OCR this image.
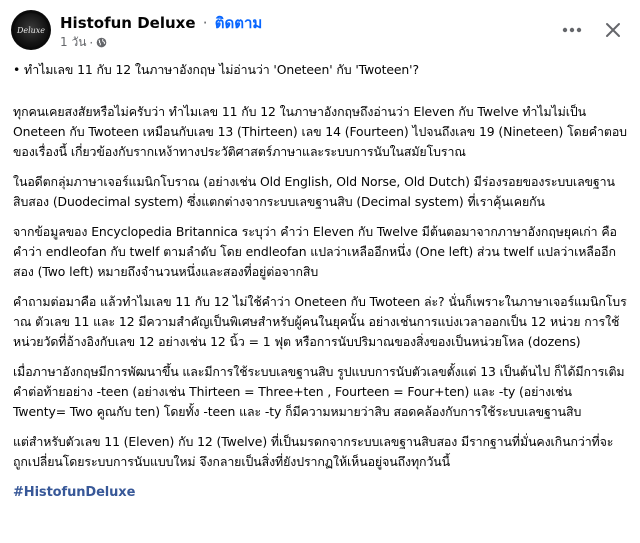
Deluxe Histofun Deluxe · ติดตาม
1 วัน ·

• ทำไมเลข 11 กับ 12 ในภาษาอังกฤษ ไม่อ่านว่า 'Oneteen' กับ 'Twoteen'?

ทุกคนเคยสงสัยหรือไม่ครับว่า ทำไมเลข 11 กับ 12 ในภาษาอังกฤษถึงอ่านว่า Eleven กับ Twelve ทำไมไม่เป็น Oneteen กับ Twoteen เหมือนกับเลข 13 (Thirteen) เลข 14 (Fourteen) ไปจนถึงเลข 19 (Nineteen) โดยคำตอบของเรื่องนี้ เกี่ยวข้องกับรากเหง้าทางประวัติศาสตร์ภาษาและระบบการนับในสมัยโบราณ

ในอดีตกลุ่มภาษาเจอร์แมนิกโบราณ (อย่างเช่น Old English, Old Norse, Old Dutch) มีร่องรอยของระบบเลขฐานสิบสอง (Duodecimal system) ซึ่งแตกต่างจากระบบเลขฐานสิบ (Decimal system) ที่เราคุ้นเคยกัน

จากข้อมูลของ Encyclopedia Britannica ระบุว่า คำว่า Eleven กับ Twelve มีต้นตอมาจากภาษาอังกฤษยุคเก่า คือคำว่า endleofan กับ twelf ตามลำดับ โดย endleofan แปลว่าเหลืออีกหนึ่ง (One left) ส่วน twelf แปลว่าเหลืออีกสอง (Two left) หมายถึงจำนวนหนึ่งและสองที่อยู่ต่อจากสิบ

คำถามต่อมาคือ แล้วทำไมเลข 11 กับ 12 ไม่ใช้คำว่า Oneteen กับ Twoteen ล่ะ? นั่นก็เพราะในภาษาเจอร์แมนิกโบราณ ตัวเลข 11 และ 12 มีความสำคัญเป็นพิเศษสำหรับผู้คนในยุคนั้น อย่างเช่นการแบ่งเวลาออกเป็น 12 หน่วย การใช้หน่วยวัดที่อ้างอิงกับเลข 12 อย่างเช่น 12 นิ้ว = 1 ฟุต หรือการนับปริมาณของสิ่งของเป็นหน่วยโหล (dozens)

เมื่อภาษาอังกฤษมีการพัฒนาขึ้น และมีการใช้ระบบเลขฐานสิบ รูปแบบการนับตัวเลขตั้งแต่ 13 เป็นต้นไป ก็ได้มีการเติมคำต่อท้ายอย่าง -teen (อย่างเช่น Thirteen = Three+ten , Fourteen = Four+ten) และ -ty (อย่างเช่น Twenty= Two คูณกับ ten) โดยทั้ง -teen และ -ty ก็มีความหมายว่าสิบ สอดคล้องกับการใช้ระบบเลขฐานสิบ

แต่สำหรับตัวเลข 11 (Eleven) กับ 12 (Twelve) ที่เป็นมรดกจากระบบเลขฐานสิบสอง มีรากฐานที่มั่นคงเกินกว่าที่จะถูกเปลี่ยนโดยระบบการนับแบบใหม่ จึงกลายเป็นสิ่งที่ยังปรากฏให้เห็นอยู่จนถึงทุกวันนี้

#HistofunDeluxe
